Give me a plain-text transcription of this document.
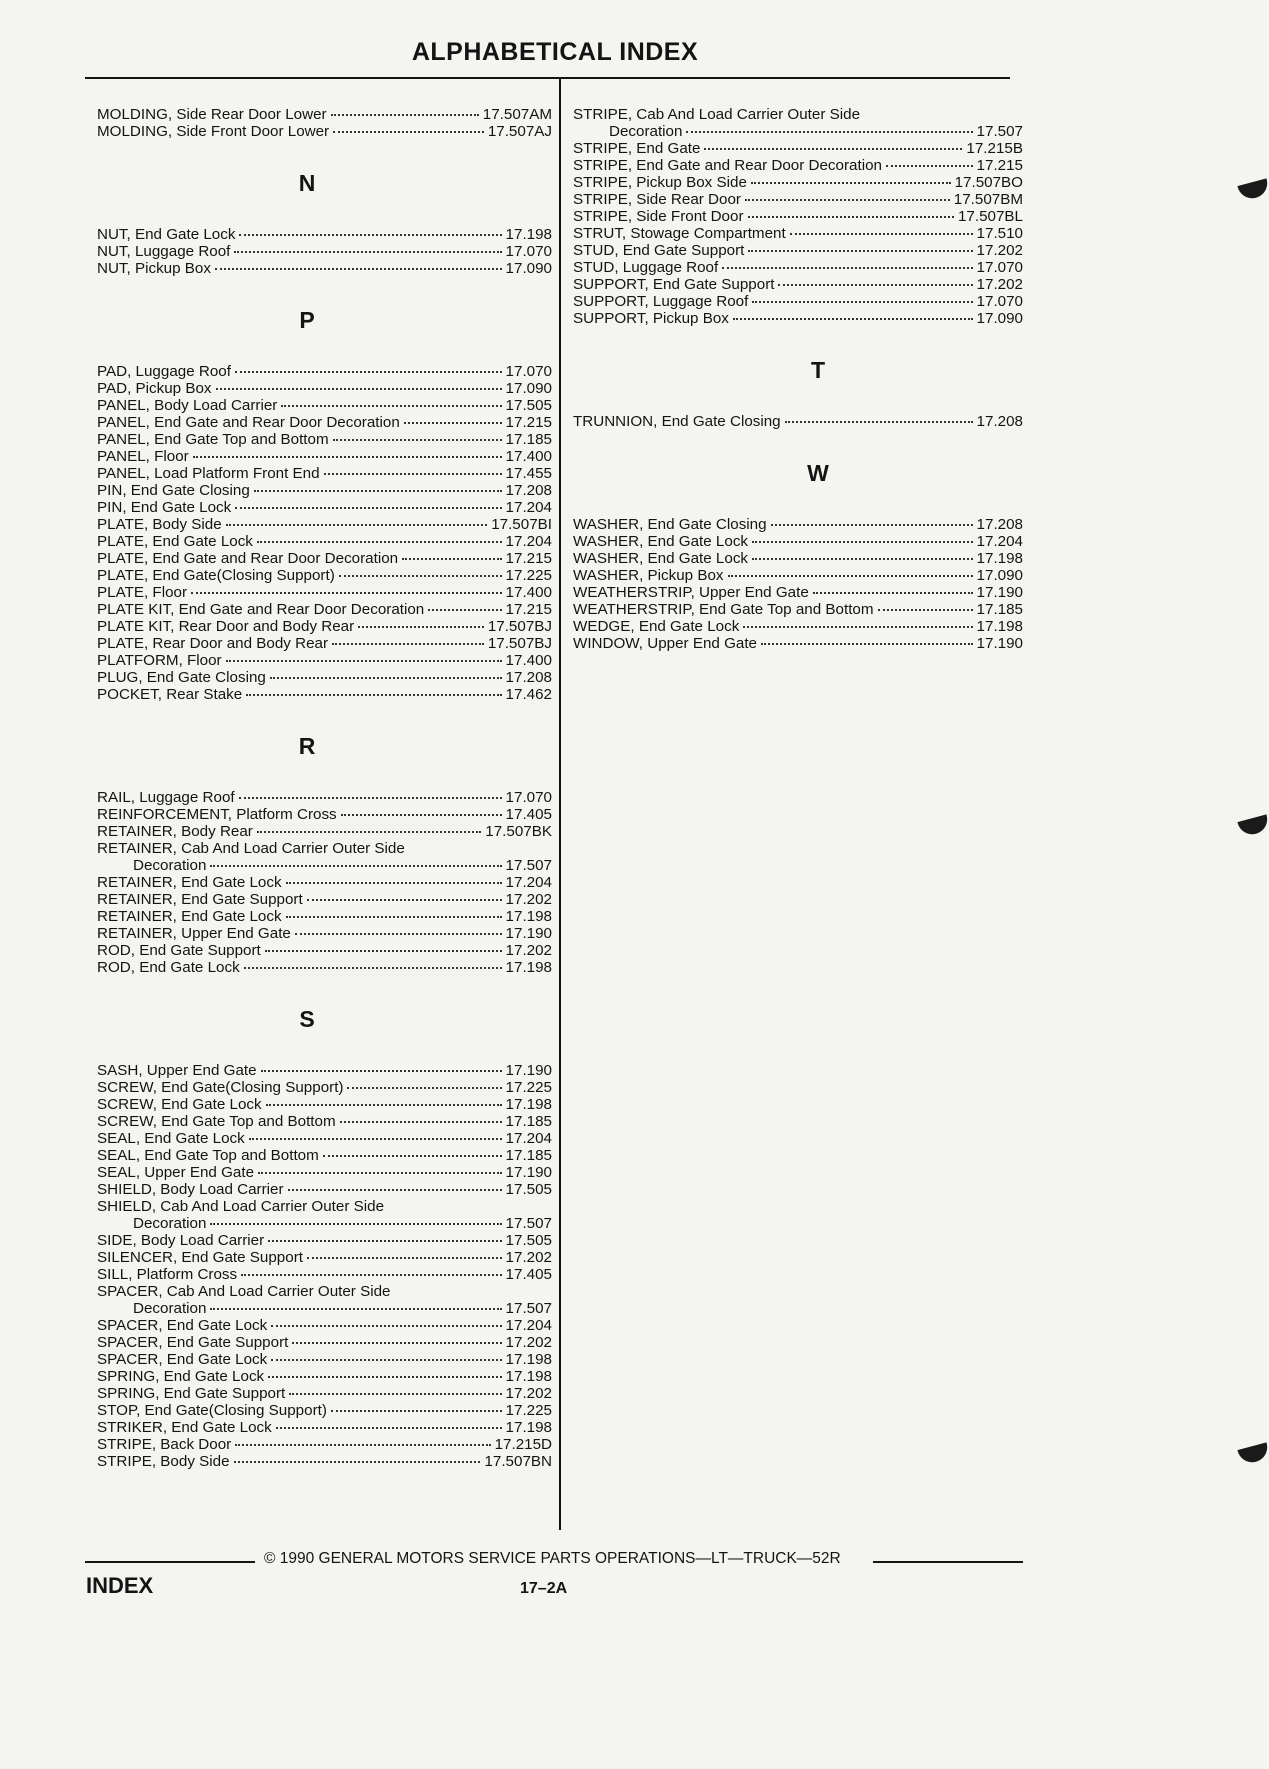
ALPHABETICAL INDEX
MOLDING, Side Rear Door Lower	17.507AM
MOLDING, Side Front Door Lower	17.507AJ
N
NUT, End Gate Lock	17.198
NUT, Luggage Roof	17.070
NUT, Pickup Box	17.090
P
PAD, Luggage Roof	17.070
PAD, Pickup Box	17.090
PANEL, Body Load Carrier	17.505
PANEL, End Gate and Rear Door Decoration	17.215
PANEL, End Gate Top and Bottom	17.185
PANEL, Floor	17.400
PANEL, Load Platform Front End	17.455
PIN, End Gate Closing	17.208
PIN, End Gate Lock	17.204
PLATE, Body Side	17.507BI
PLATE, End Gate Lock	17.204
PLATE, End Gate and Rear Door Decoration	17.215
PLATE, End Gate(Closing Support)	17.225
PLATE, Floor	17.400
PLATE KIT, End Gate and Rear Door Decoration	17.215
PLATE KIT, Rear Door and Body Rear	17.507BJ
PLATE, Rear Door and Body Rear	17.507BJ
PLATFORM, Floor	17.400
PLUG, End Gate Closing	17.208
POCKET, Rear Stake	17.462
R
RAIL, Luggage Roof	17.070
REINFORCEMENT, Platform Cross	17.405
RETAINER, Body Rear	17.507BK
RETAINER, Cab And Load Carrier Outer Side
Decoration	17.507
RETAINER, End Gate Lock	17.204
RETAINER, End Gate Support	17.202
RETAINER, End Gate Lock	17.198
RETAINER, Upper End Gate	17.190
ROD, End Gate Support	17.202
ROD, End Gate Lock	17.198
S
SASH, Upper End Gate	17.190
SCREW, End Gate(Closing Support)	17.225
SCREW, End Gate Lock	17.198
SCREW, End Gate Top and Bottom	17.185
SEAL, End Gate Lock	17.204
SEAL, End Gate Top and Bottom	17.185
SEAL, Upper End Gate	17.190
SHIELD, Body Load Carrier	17.505
SHIELD, Cab And Load Carrier Outer Side
Decoration	17.507
SIDE, Body Load Carrier	17.505
SILENCER, End Gate Support	17.202
SILL, Platform Cross	17.405
SPACER, Cab And Load Carrier Outer Side
Decoration	17.507
SPACER, End Gate Lock	17.204
SPACER, End Gate Support	17.202
SPACER, End Gate Lock	17.198
SPRING, End Gate Lock	17.198
SPRING, End Gate Support	17.202
STOP, End Gate(Closing Support)	17.225
STRIKER, End Gate Lock	17.198
STRIPE, Back Door	17.215D
STRIPE, Body Side	17.507BN
STRIPE, Cab And Load Carrier Outer Side
Decoration	17.507
STRIPE, End Gate	17.215B
STRIPE, End Gate and Rear Door Decoration	17.215
STRIPE, Pickup Box Side	17.507BO
STRIPE, Side Rear Door	17.507BM
STRIPE, Side Front Door	17.507BL
STRUT, Stowage Compartment	17.510
STUD, End Gate Support	17.202
STUD, Luggage Roof	17.070
SUPPORT, End Gate Support	17.202
SUPPORT, Luggage Roof	17.070
SUPPORT, Pickup Box	17.090
T
TRUNNION, End Gate Closing	17.208
W
WASHER, End Gate Closing	17.208
WASHER, End Gate Lock	17.204
WASHER, End Gate Lock	17.198
WASHER, Pickup Box	17.090
WEATHERSTRIP, Upper End Gate	17.190
WEATHERSTRIP, End Gate Top and Bottom	17.185
WEDGE, End Gate Lock	17.198
WINDOW, Upper End Gate	17.190
© 1990 GENERAL MOTORS SERVICE PARTS OPERATIONS—LT—TRUCK—52R
INDEX	17–2A
